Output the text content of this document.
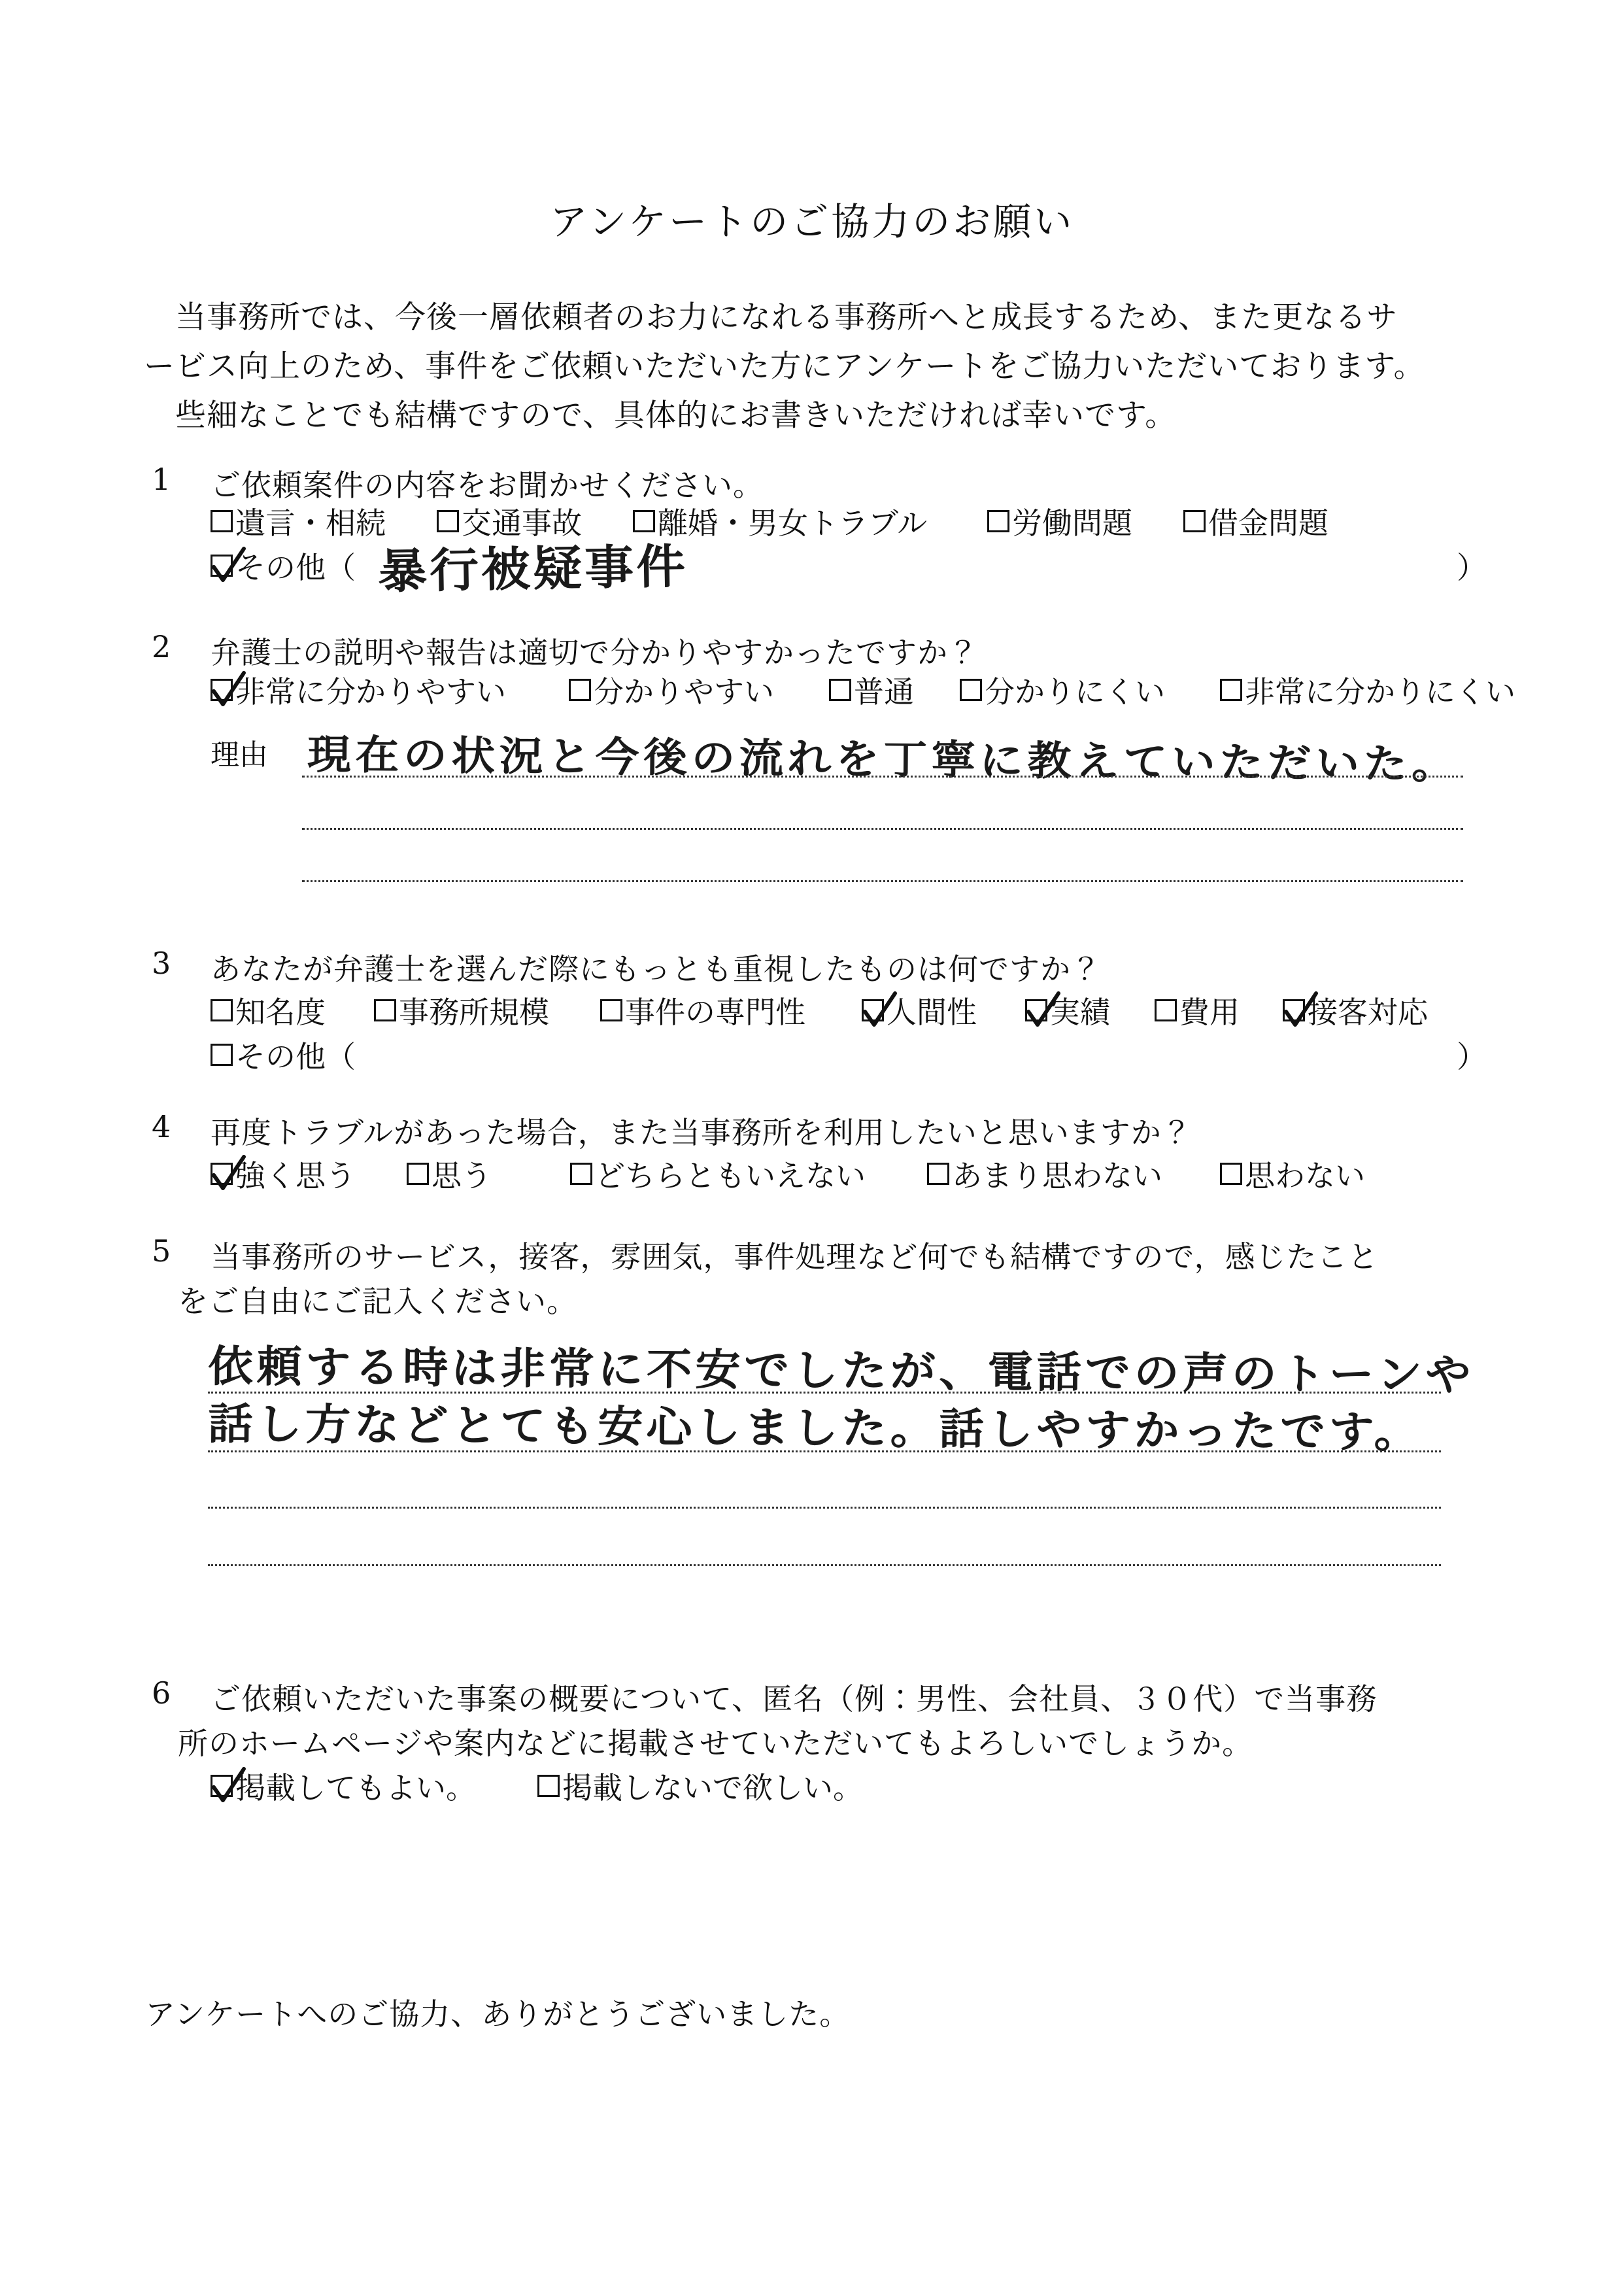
アンケートのご協力のお願い
当事務所では、今後一層依頼者のお力になれる事務所へと成長するため、また更なるサ
ービス向上のため、事件をご依頼いただいた方にアンケートをご協力いただいております。
些細なことでも結構ですので、具体的にお書きいただければ幸いです。
1 ご依頼案件の内容をお聞かせください。
遺言・相続	交通事故	離婚・男女トラブル	労働問題	借金問題
その他（ 暴行被疑事件	）
2 弁護士の説明や報告は適切で分かりやすかったですか？
非常に分かりやすい	分かりやすい	普通 分かりにくい	非常に分かりにくい
理由 現在の状況と今後の流れを丁寧に教えていただいた。
3 あなたが弁護士を選んだ際にもっとも重視したものは何ですか？
知名度 事務所規模	事件の専門性	人間性 実績 費用 接客対応
その他（	）
4 再度トラブルがあった場合，また当事務所を利用したいと思いますか？
強く思う	思う	どちらともいえない	あまり思わない	思わない
5 当事務所のサービス，接客，雰囲気，事件処理など何でも結構ですので，感じたこと
をご自由にご記入ください。
依頼する時は非常に不安でしたが、電話での声のトーンや
話し方などとても安心しました。話しやすかったです。
6 ご依頼いただいた事案の概要について、匿名（例：男性、会社員、３０代）で当事務
所のホームページや案内などに掲載させていただいてもよろしいでしょうか。
掲載してもよい。	掲載しないで欲しい。
アンケートへのご協力、ありがとうございました。
